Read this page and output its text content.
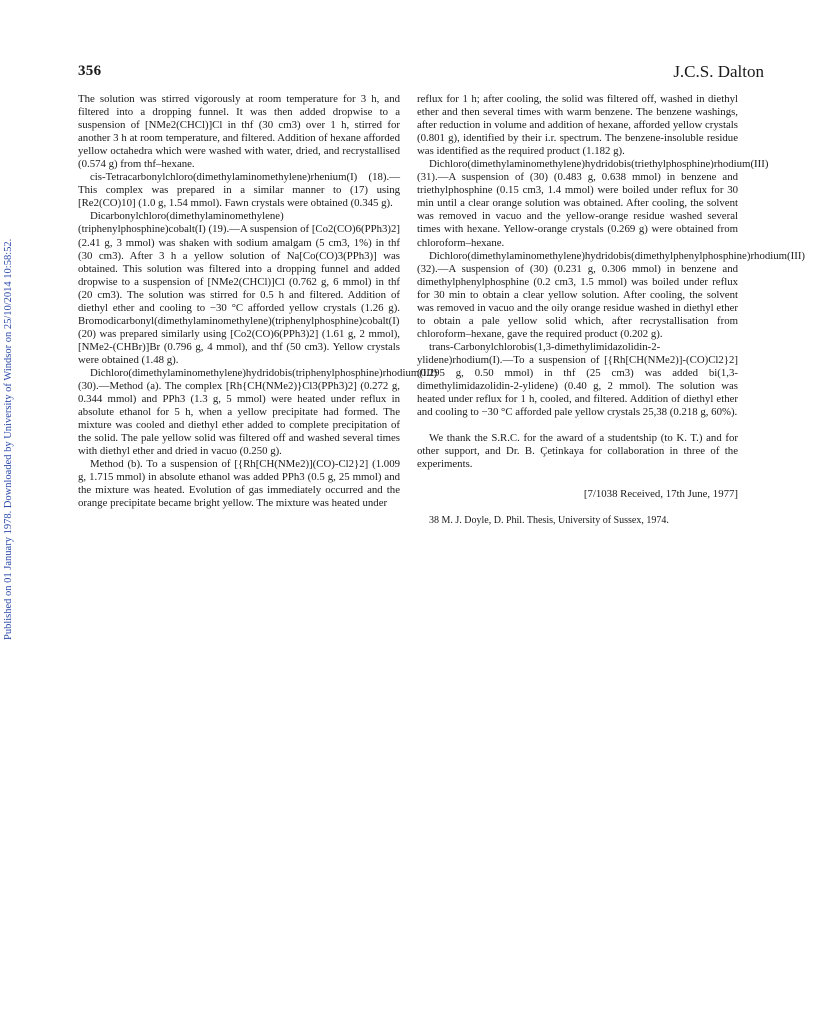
356	J.C.S. Dalton
Published on 01 January 1978. Downloaded by University of Windsor on 25/10/2014 10:58:52.

The solution was stirred vigorously at room temperature for 3 h, and filtered into a dropping funnel. It was then added dropwise to a suspension of [NMe2(CHCl)]Cl in thf (30 cm3) over 1 h, stirred for another 3 h at room temperature, and filtered. Addition of hexane afforded yellow octahedra which were washed with water, dried, and recrystallised (0.574 g) from thf–hexane.

cis-Tetracarbonylchloro(dimethylaminomethylene)rhenium(I) (18).—This complex was prepared in a similar manner to (17) using [Re2(CO)10] (1.0 g, 1.54 mmol). Fawn crystals were obtained (0.345 g).

Dicarbonylchloro(dimethylaminomethylene)(triphenylphosphine)cobalt(I) (19).—A suspension of [Co2(CO)6(PPh3)2] (2.41 g, 3 mmol) was shaken with sodium amalgam (5 cm3, 1%) in thf (30 cm3). After 3 h a yellow solution of Na[Co(CO)3(PPh3)] was obtained. This solution was filtered into a dropping funnel and added dropwise to a suspension of [NMe2(CHCl)]Cl (0.762 g, 6 mmol) in thf (20 cm3). The solution was stirred for 0.5 h and filtered. Addition of diethyl ether and cooling to −30 °C afforded yellow crystals (1.26 g). Bromodicarbonyl(dimethylaminomethylene)(triphenylphosphine)cobalt(I) (20) was prepared similarly using [Co2(CO)6(PPh3)2] (1.61 g, 2 mmol), [NMe2-(CHBr)]Br (0.796 g, 4 mmol), and thf (50 cm3). Yellow crystals were obtained (1.48 g).

Dichloro(dimethylaminomethylene)hydridobis(triphenylphosphine)rhodium(III) (30).—Method (a). The complex [Rh{CH(NMe2)}Cl3(PPh3)2] (0.272 g, 0.344 mmol) and PPh3 (1.3 g, 5 mmol) were heated under reflux in absolute ethanol for 5 h, when a yellow precipitate had formed. The mixture was cooled and diethyl ether added to complete precipitation of the solid. The pale yellow solid was filtered off and washed several times with diethyl ether and dried in vacuo (0.250 g).

Method (b). To a suspension of [{Rh[CH(NMe2)](CO)-Cl2}2] (1.009 g, 1.715 mmol) in absolute ethanol was added PPh3 (0.5 g, 25 mmol) and the mixture was heated. Evolution of gas immediately occurred and the orange precipitate became bright yellow. The mixture was heated under

reflux for 1 h; after cooling, the solid was filtered off, washed in diethyl ether and then several times with warm benzene. The benzene washings, after reduction in volume and addition of hexane, afforded yellow crystals (0.801 g), identified by their i.r. spectrum. The benzene-insoluble residue was identified as the required product (1.182 g).

Dichloro(dimethylaminomethylene)hydridobis(triethylphosphine)rhodium(III) (31).—A suspension of (30) (0.483 g, 0.638 mmol) in benzene and triethylphosphine (0.15 cm3, 1.4 mmol) were boiled under reflux for 30 min until a clear orange solution was obtained. After cooling, the solvent was removed in vacuo and the yellow-orange residue washed several times with hexane. Yellow-orange crystals (0.269 g) were obtained from chloroform–hexane.

Dichloro(dimethylaminomethylene)hydridobis(dimethylphenylphosphine)rhodium(III) (32).—A suspension of (30) (0.231 g, 0.306 mmol) in benzene and dimethylphenylphosphine (0.2 cm3, 1.5 mmol) was boiled under reflux for 30 min to obtain a clear yellow solution. After cooling, the solvent was removed in vacuo and the oily orange residue washed in diethyl ether to obtain a pale yellow solid which, after recrystallisation from chloroform–hexane, gave the required product (0.202 g).

trans-Carbonylchlorobis(1,3-dimethylimidazolidin-2-ylidene)rhodium(I).—To a suspension of [{Rh[CH(NMe2)]-(CO)Cl2}2] (0.295 g, 0.50 mmol) in thf (25 cm3) was added bi(1,3-dimethylimidazolidin-2-ylidene) (0.40 g, 2 mmol). The solution was heated under reflux for 1 h, cooled, and filtered. Addition of diethyl ether and cooling to −30 °C afforded pale yellow crystals 25,38 (0.218 g, 60%).

We thank the S.R.C. for the award of a studentship (to K. T.) and for other support, and Dr. B. Çetinkaya for collaboration in three of the experiments.

[7/1038 Received, 17th June, 1977]

38 M. J. Doyle, D. Phil. Thesis, University of Sussex, 1974.
